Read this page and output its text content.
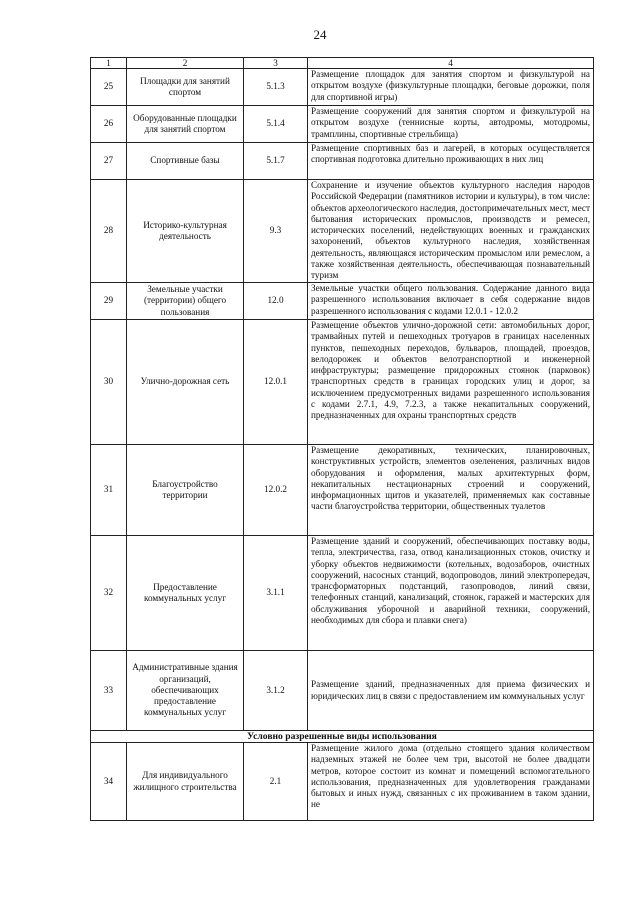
24
1	2	3	4
25	Площадки для занятий спортом	5.1.3	Размещение площадок для занятия спортом и физкультурой на открытом воздухе (физкультурные площадки, беговые дорожки, поля для спортивной игры)
26	Оборудованные площадки для занятий спортом	5.1.4	Размещение сооружений для занятия спортом и физкультурой на открытом воздухе (теннисные корты, автодромы, мотодромы, трамплины, спортивные стрельбища)
27	Спортивные базы	5.1.7	Размещение спортивных баз и лагерей, в которых осуществляется спортивная подготовка длительно проживающих в них лиц
28	Историко-культурная деятельность	9.3	Сохранение и изучение объектов культурного наследия народов Российской Федерации (памятников истории и культуры), в том числе: объектов археологического наследия, достопримечательных мест, мест бытования исторических промыслов, производств и ремесел, исторических поселений, недействующих военных и гражданских захоронений, объектов культурного наследия, хозяйственная деятельность, являющаяся историческим промыслом или ремеслом, а также хозяйственная деятельность, обеспечивающая познавательный туризм
29	Земельные участки (территории) общего пользования	12.0	Земельные участки общего пользования. Содержание данного вида разрешенного использования включает в себя содержание видов разрешенного использования с кодами 12.0.1 - 12.0.2
30	Улично-дорожная сеть	12.0.1	Размещение объектов улично-дорожной сети: автомобильных дорог, трамвайных путей и пешеходных тротуаров в границах населенных пунктов, пешеходных переходов, бульваров, площадей, проездов, велодорожек и объектов велотранспортной и инженерной инфраструктуры; размещение придорожных стоянок (парковок) транспортных средств в границах городских улиц и дорог, за исключением предусмотренных видами разрешенного использования с кодами 2.7.1, 4.9, 7.2.3, а также некапитальных сооружений, предназначенных для охраны транспортных средств
31	Благоустройство территории	12.0.2	Размещение декоративных, технических, планировочных, конструктивных устройств, элементов озеленения, различных видов оборудования и оформления, малых архитектурных форм, некапитальных нестационарных строений и сооружений, информационных щитов и указателей, применяемых как составные части благоустройства территории, общественных туалетов
32	Предоставление коммунальных услуг	3.1.1	Размещение зданий и сооружений, обеспечивающих поставку воды, тепла, электричества, газа, отвод канализационных стоков, очистку и уборку объектов недвижимости (котельных, водозаборов, очистных сооружений, насосных станций, водопроводов, линий электропередач, трансформаторных подстанций, газопроводов, линий связи, телефонных станций, канализаций, стоянок, гаражей и мастерских для обслуживания уборочной и аварийной техники, сооружений, необходимых для сбора и плавки снега)
33	Административные здания организаций, обеспечивающих предоставление коммунальных услуг	3.1.2	Размещение зданий, предназначенных для приема физических и юридических лиц в связи с предоставлением им коммунальных услуг
Условно разрешенные виды использования			
34	Для индивидуального жилищного строительства	2.1	Размещение жилого дома (отдельно стоящего здания количеством надземных этажей не более чем три, высотой не более двадцати метров, которое состоит из комнат и помещений вспомогательного использования, предназначенных для удовлетворения гражданами бытовых и иных нужд, связанных с их проживанием в таком здании, не
